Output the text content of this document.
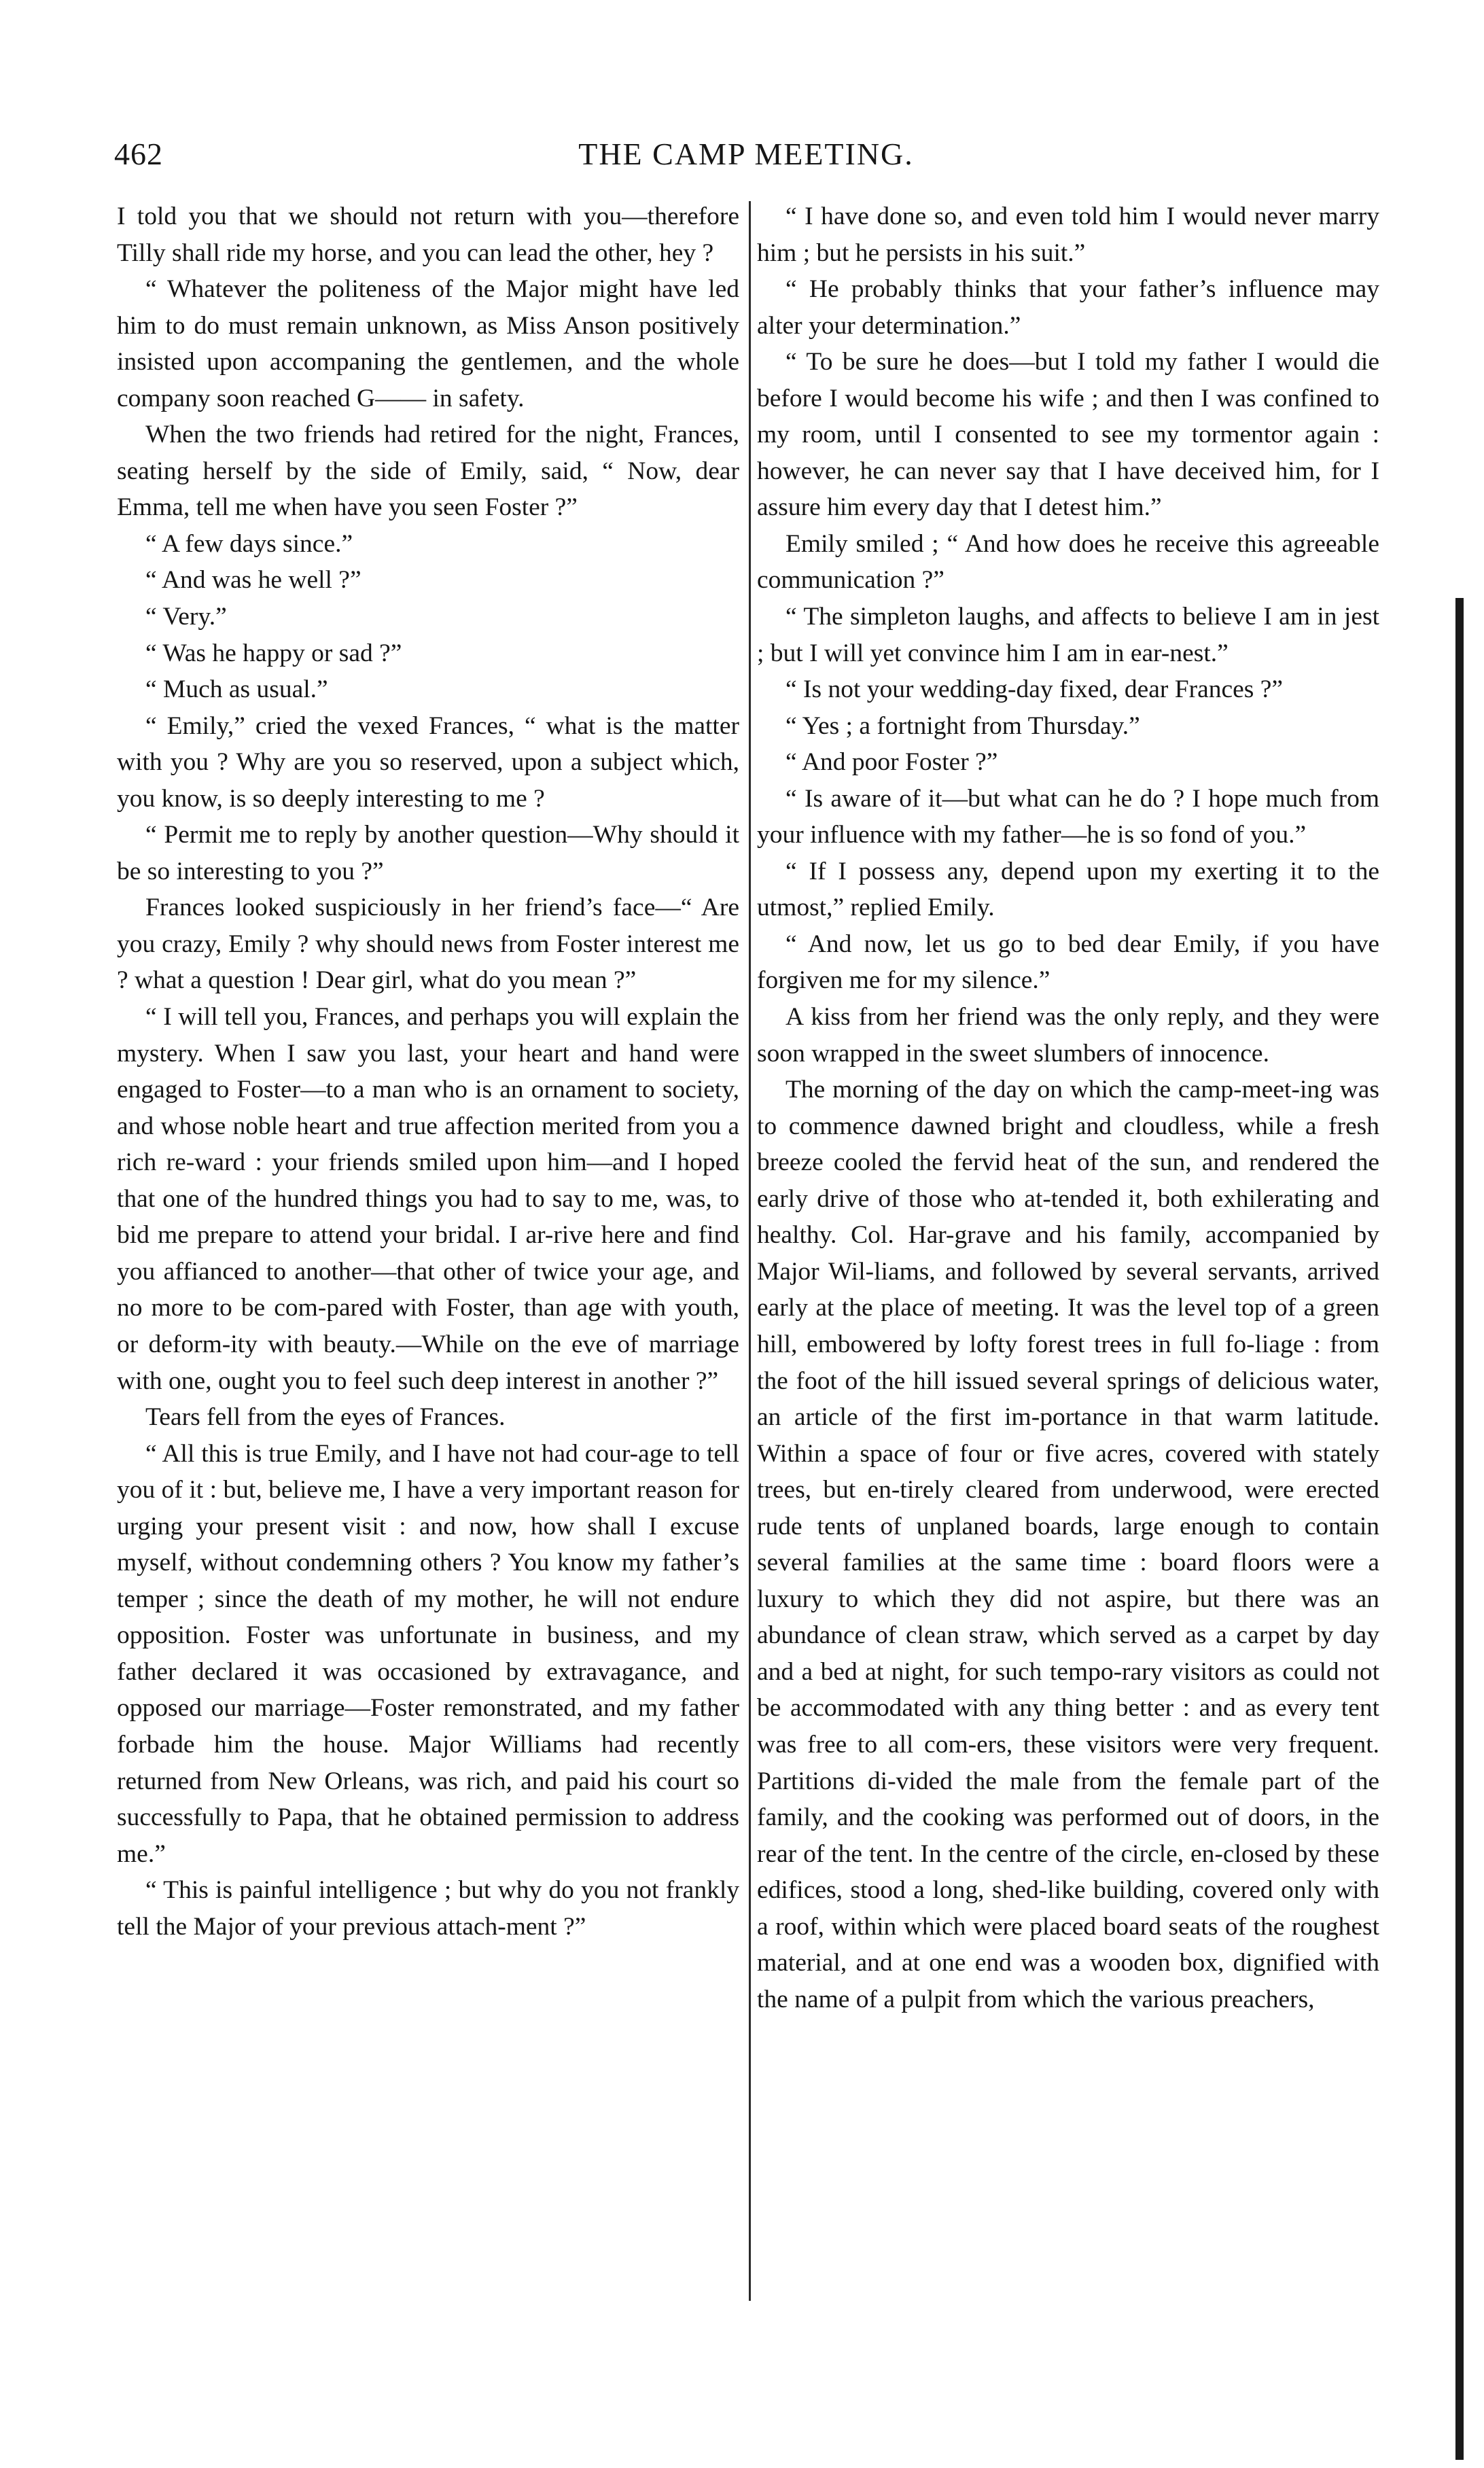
THE CAMP MEETING.
462

I told you that we should not return with you—therefore Tilly shall ride my horse, and you can lead the other, hey ?

“ Whatever the politeness of the Major might have led him to do must remain unknown, as Miss Anson positively insisted upon accompaning the gentlemen, and the whole company soon reached G—— in safety.

When the two friends had retired for the night, Frances, seating herself by the side of Emily, said, “ Now, dear Emma, tell me when have you seen Foster ?”

“ A few days since.”

“ And was he well ?”

“ Very.”

“ Was he happy or sad ?”

“ Much as usual.”

“ Emily,” cried the vexed Frances, “ what is the matter with you ? Why are you so reserved, upon a subject which, you know, is so deeply interesting to me ?

“ Permit me to reply by another question—Why should it be so interesting to you ?”

Frances looked suspiciously in her friend’s face—“ Are you crazy, Emily ? why should news from Foster interest me ? what a question ! Dear girl, what do you mean ?”

“ I will tell you, Frances, and perhaps you will explain the mystery. When I saw you last, your heart and hand were engaged to Foster—to a man who is an ornament to society, and whose noble heart and true affection merited from you a rich re-ward : your friends smiled upon him—and I hoped that one of the hundred things you had to say to me, was, to bid me prepare to attend your bridal. I ar-rive here and find you affianced to another—that other of twice your age, and no more to be com-pared with Foster, than age with youth, or deform-ity with beauty.—While on the eve of marriage with one, ought you to feel such deep interest in another ?”

Tears fell from the eyes of Frances.

“ All this is true Emily, and I have not had cour-age to tell you of it : but, believe me, I have a very important reason for urging your present visit : and now, how shall I excuse myself, without condemning others ? You know my father’s temper ; since the death of my mother, he will not endure opposition. Foster was unfortunate in business, and my father declared it was occasioned by extravagance, and opposed our marriage—Foster remonstrated, and my father forbade him the house. Major Williams had recently returned from New Orleans, was rich, and paid his court so successfully to Papa, that he obtained permission to address me.”

“ This is painful intelligence ; but why do you not frankly tell the Major of your previous attach-ment ?”

“ I have done so, and even told him I would never marry him ; but he persists in his suit.”

“ He probably thinks that your father’s influence may alter your determination.”

“ To be sure he does—but I told my father I would die before I would become his wife ; and then I was confined to my room, until I consented to see my tormentor again : however, he can never say that I have deceived him, for I assure him every day that I detest him.”

Emily smiled ; “ And how does he receive this agreeable communication ?”

“ The simpleton laughs, and affects to believe I am in jest ; but I will yet convince him I am in ear-nest.”

“ Is not your wedding-day fixed, dear Frances ?”

“ Yes ; a fortnight from Thursday.”

“ And poor Foster ?”

“ Is aware of it—but what can he do ? I hope much from your influence with my father—he is so fond of you.”

“ If I possess any, depend upon my exerting it to the utmost,” replied Emily.

“ And now, let us go to bed dear Emily, if you have forgiven me for my silence.”

A kiss from her friend was the only reply, and they were soon wrapped in the sweet slumbers of innocence.

The morning of the day on which the camp-meet-ing was to commence dawned bright and cloudless, while a fresh breeze cooled the fervid heat of the sun, and rendered the early drive of those who at-tended it, both exhilerating and healthy. Col. Har-grave and his family, accompanied by Major Wil-liams, and followed by several servants, arrived early at the place of meeting. It was the level top of a green hill, embowered by lofty forest trees in full fo-liage : from the foot of the hill issued several springs of delicious water, an article of the first im-portance in that warm latitude. Within a space of four or five acres, covered with stately trees, but en-tirely cleared from underwood, were erected rude tents of unplaned boards, large enough to contain several families at the same time : board floors were a luxury to which they did not aspire, but there was an abundance of clean straw, which served as a carpet by day and a bed at night, for such tempo-rary visitors as could not be accommodated with any thing better : and as every tent was free to all com-ers, these visitors were very frequent. Partitions di-vided the male from the female part of the family, and the cooking was performed out of doors, in the rear of the tent. In the centre of the circle, en-closed by these edifices, stood a long, shed-like building, covered only with a roof, within which were placed board seats of the roughest material, and at one end was a wooden box, dignified with the name of a pulpit from which the various preachers,
